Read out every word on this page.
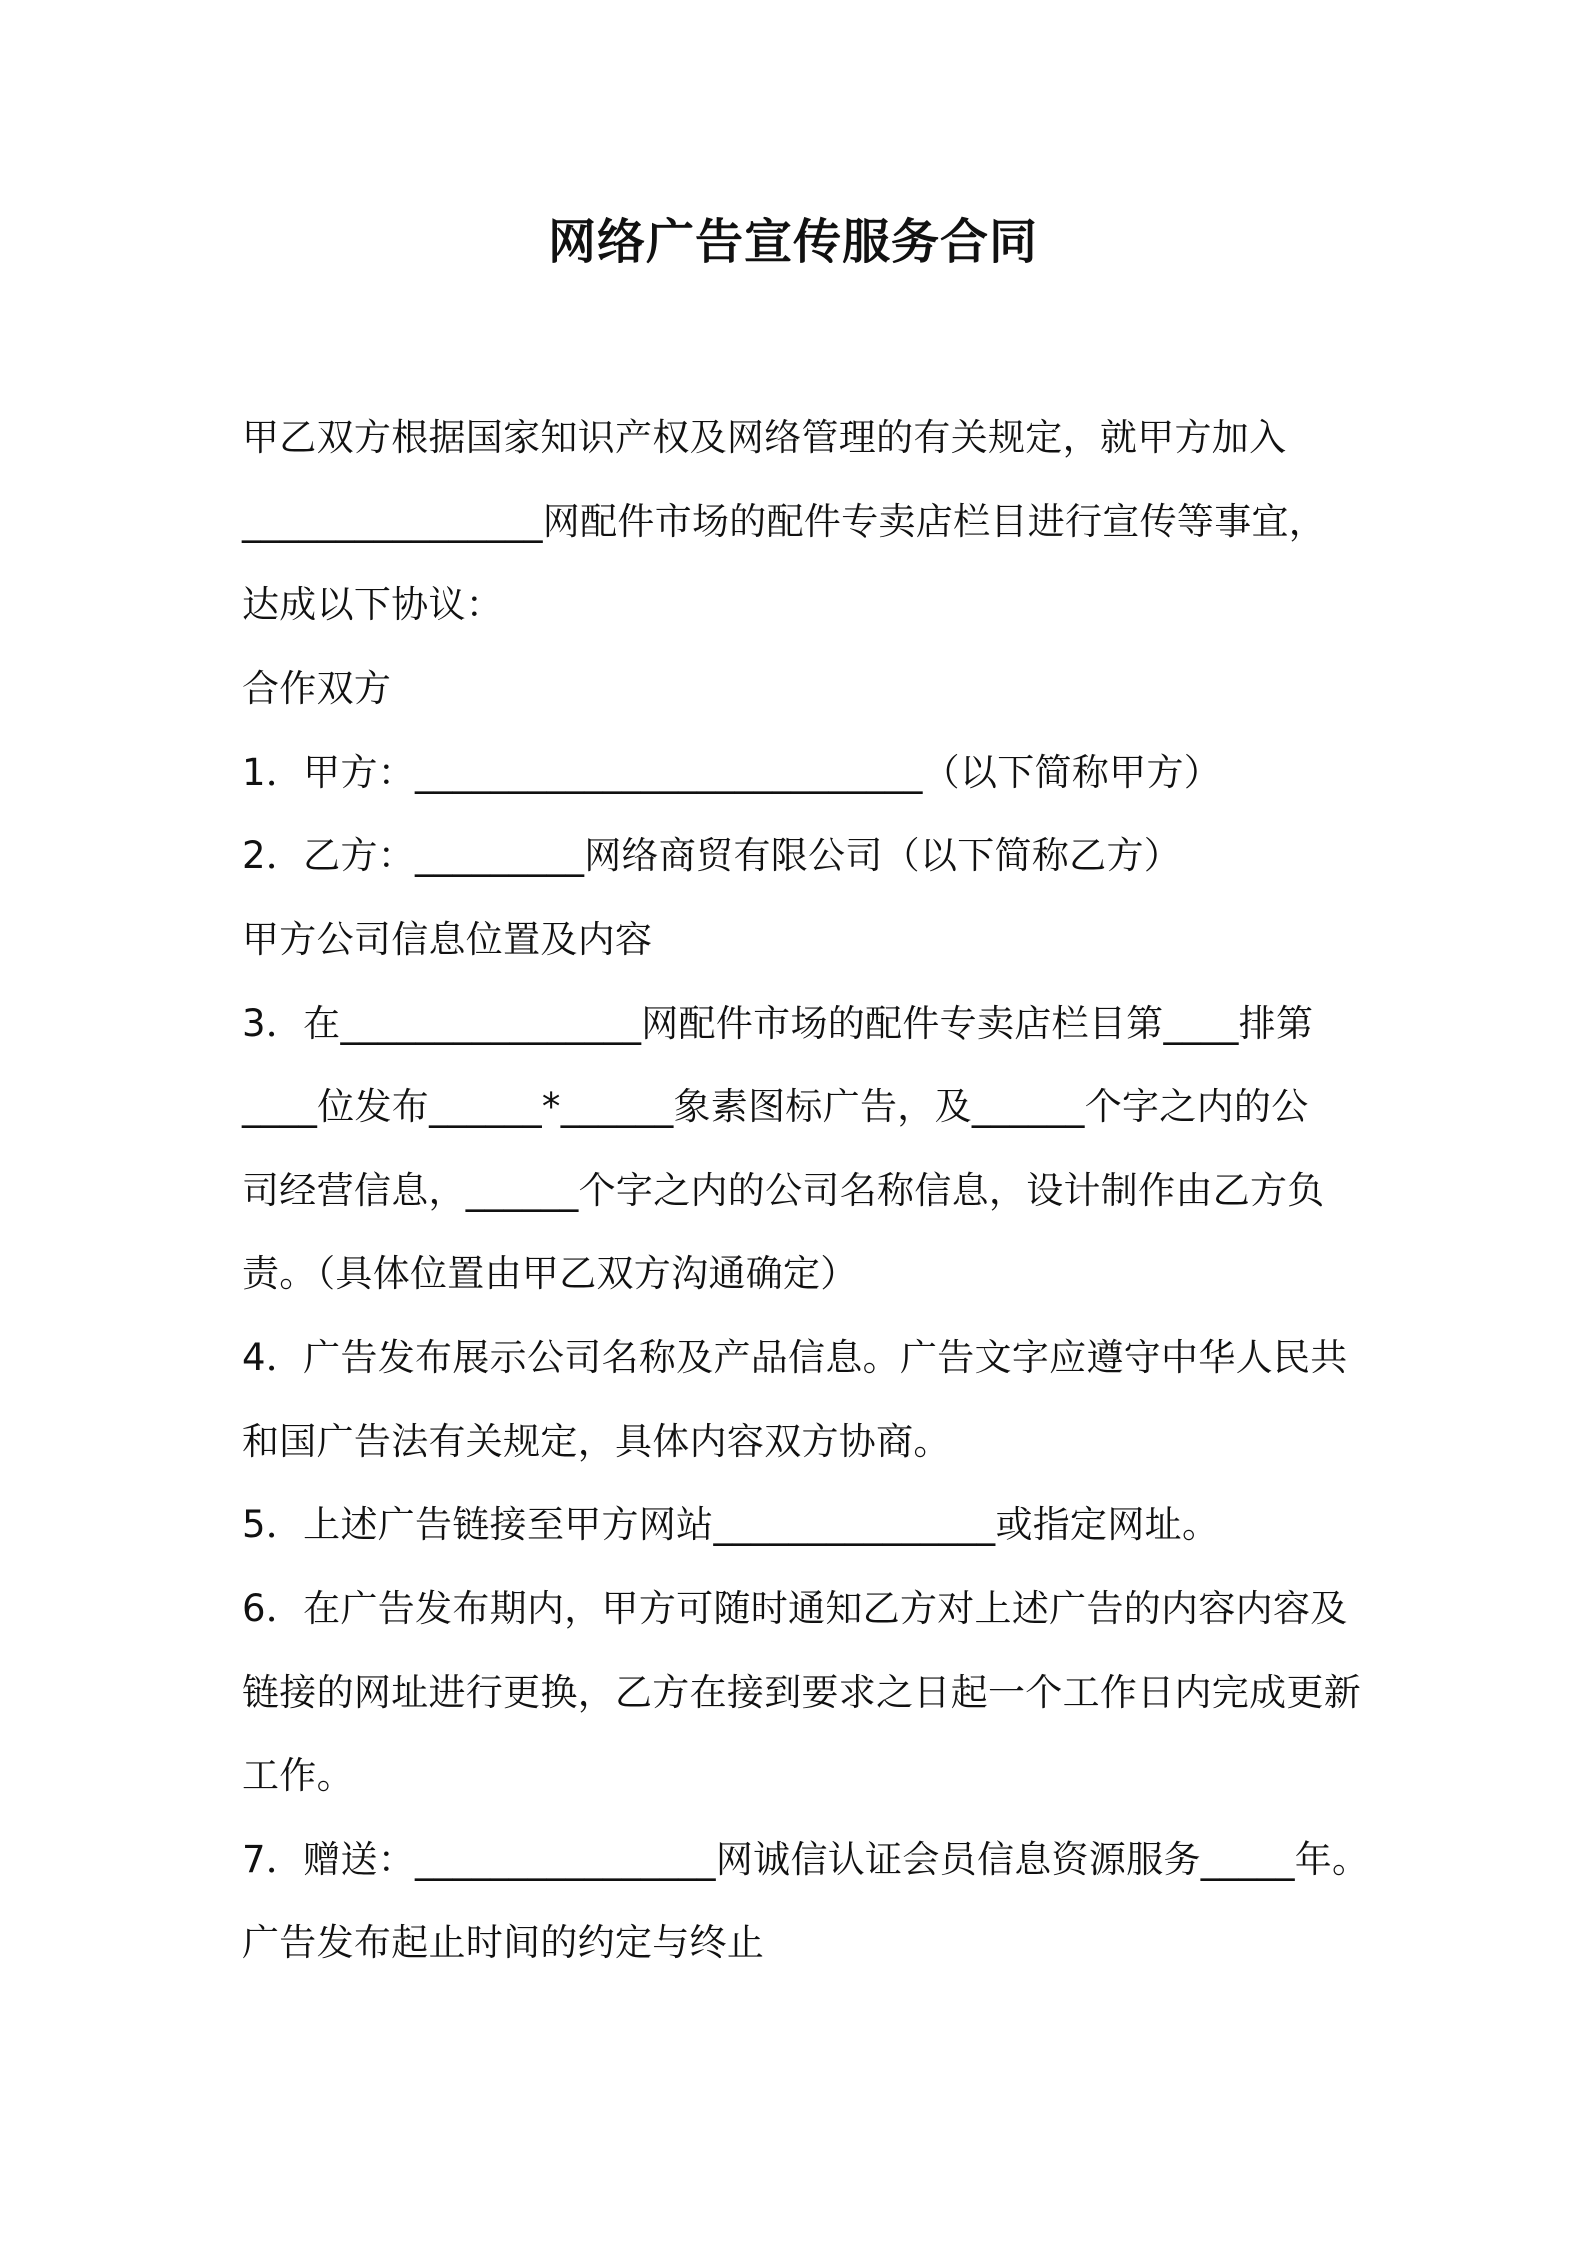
网络广告宣传服务合同
甲乙双方根据国家知识产权及网络管理的有关规定，就甲方加入
________________网配件市场的配件专卖店栏目进行宣传等事宜，
达成以下协议：
合作双方
1．甲方：___________________________（以下简称甲方）
2．乙方：_________网络商贸有限公司（以下简称乙方）
甲方公司信息位置及内容
3．在________________网配件市场的配件专卖店栏目第____排第
____位发布______*______象素图标广告，及______个字之内的公
司经营信息，______个字之内的公司名称信息，设计制作由乙方负
责。（具体位置由甲乙双方沟通确定）
4．广告发布展示公司名称及产品信息。广告文字应遵守中华人民共
和国广告法有关规定，具体内容双方协商。
5．上述广告链接至甲方网站_______________或指定网址。
6．在广告发布期内，甲方可随时通知乙方对上述广告的内容内容及
链接的网址进行更换，乙方在接到要求之日起一个工作日内完成更新
工作。
7．赠送：________________网诚信认证会员信息资源服务_____年。
广告发布起止时间的约定与终止
